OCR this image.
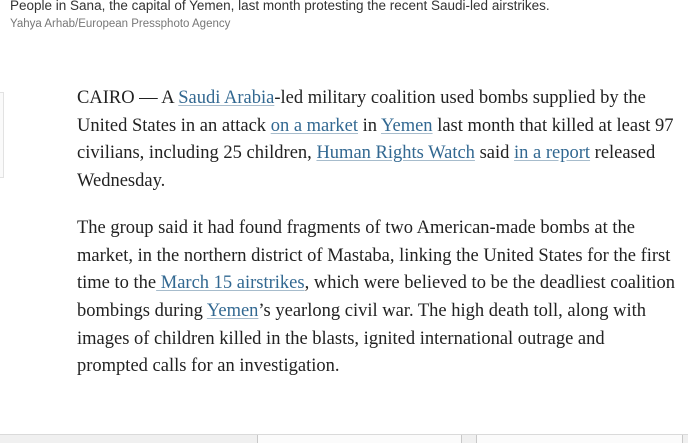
People in Sana, the capital of Yemen, last month protesting the recent Saudi-led airstrikes.
Yahya Arhab/European Pressphoto Agency

CAIRO — A Saudi Arabia-led military coalition used bombs supplied by the United States in an attack on a market in Yemen last month that killed at least 97 civilians, including 25 children, Human Rights Watch said in a report released Wednesday.

The group said it had found fragments of two American-made bombs at the market, in the northern district of Mastaba, linking the United States for the first time to the March 15 airstrikes, which were believed to be the deadliest coalition bombings during Yemen’s yearlong civil war. The high death toll, along with images of children killed in the blasts, ignited international outrage and prompted calls for an investigation.
